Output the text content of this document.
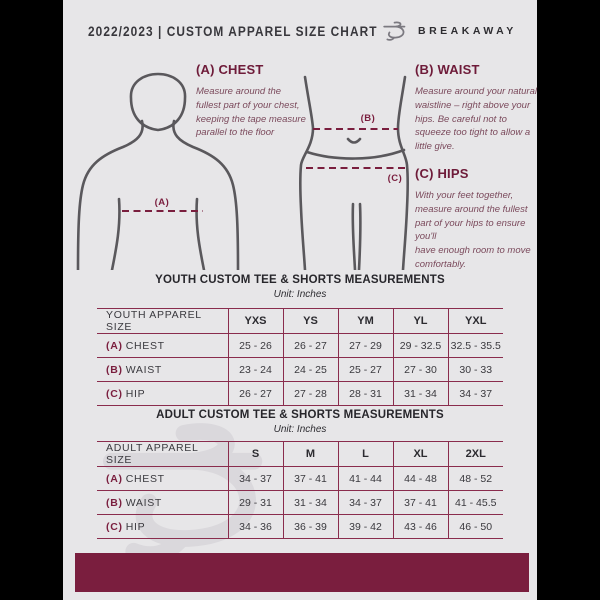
2022/2023 | CUSTOM APPAREL SIZE CHART	BREAKAWAY
(A)
(B)
(C)
(A) CHEST

Measure around the fullest part of your chest, keeping the tape measure parallel to the floor

(B) WAIST

Measure around your natural waistline – right above your hips. Be careful not to squeeze too tight to allow a little give.

(C) HIPS

With your feet together, measure around the fullest part of your hips to ensure you'll

have enough room to move comfortably.

YOUTH CUSTOM TEE & SHORTS MEASUREMENTS
Unit: Inches
YOUTH APPAREL SIZE	YXS	YS	YM	YL	YXL
(A) CHEST	25 - 26	26 - 27	27 - 29	29 - 32.5	32.5 - 35.5
(B) WAIST	23 - 24	24 - 25	25 - 27	27 - 30	30 - 33
(C) HIP	26 - 27	27 - 28	28 - 31	31 - 34	34 - 37
ADULT CUSTOM TEE & SHORTS MEASUREMENTS
Unit: Inches
ADULT APPAREL SIZE	S	M	L	XL	2XL
(A) CHEST	34 - 37	37 - 41	41 - 44	44 - 48	48 - 52
(B) WAIST	29 - 31	31 - 34	34 - 37	37 - 41	41 - 45.5
(C) HIP	34 - 36	36 - 39	39 - 42	43 - 46	46 - 50
